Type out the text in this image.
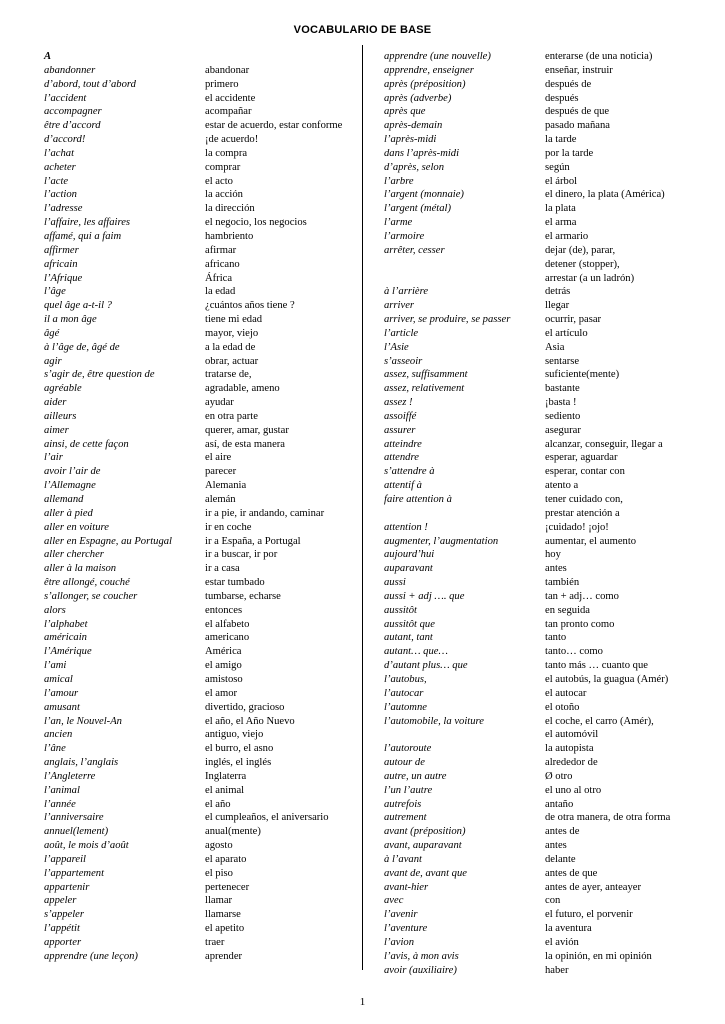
VOCABULARIO DE BASE
A
abandonner	abandonar
d’abord, tout d’abord	primero
l’accident	el accidente
accompagner	acompañar
être d’accord	estar de acuerdo, estar conforme
d’accord!	¡de acuerdo!
l’achat	la compra
acheter	comprar
l’acte	el acto
l’action	la acción
l’adresse	la dirección
l’affaire, les affaires	el negocio, los negocios
affamé, qui a faim	hambriento
affirmer	afirmar
africain	africano
l’Afrique	África
l’âge	la edad
quel âge a-t-il ?	¿cuántos años tiene ?
il a mon âge	tiene mi edad
âgé	mayor, viejo
à l’âge de, âgé de	a la edad de
agir	obrar, actuar
s’agir de, être question de	tratarse de,
agréable	agradable, ameno
aider	ayudar
ailleurs	en otra parte
aimer	querer, amar, gustar
ainsi, de cette façon	así, de esta manera
l’air	el aire
avoir l’air de	parecer
l’Allemagne	Alemania
allemand	alemán
aller à pied	ir a pie, ir andando, caminar
aller en voiture	ir en coche
aller en Espagne, au Portugal	ir a España, a Portugal
aller chercher	ir a buscar, ir por
aller à la maison	ir a casa
être allongé, couché	estar tumbado
s’allonger, se coucher	tumbarse, echarse
alors	entonces
l’alphabet	el alfabeto
américain	americano
l’Amérique	América
l’ami	el amigo
amical	amistoso
l’amour	el amor
amusant	divertido, gracioso
l’an, le Nouvel-An	el año, el Año Nuevo
ancien	antiguo, viejo
l’âne	el burro, el asno
anglais, l’anglais	inglés, el inglés
l’Angleterre	Inglaterra
l’animal	el animal
l’année	el año
l’anniversaire	el cumpleaños, el aniversario
annuel(lement)	anual(mente)
août, le mois d’août	agosto
l’appareil	el aparato
l’appartement	el piso
appartenir	pertenecer
appeler	llamar
s’appeler	llamarse
l’appétit	el apetito
apporter	traer
apprendre (une leçon)	aprender
apprendre (une nouvelle)	enterarse (de una noticia)
apprendre, enseigner	enseñar, instruir
après (préposition)	después de
après (adverbe)	después
après que	después de que
après-demain	pasado mañana
l’après-midi	la tarde
dans l’après-midi	por la tarde
d’après, selon	según
l’arbre	el árbol
l’argent (monnaie)	el dinero, la plata (América)
l’argent (métal)	la plata
l’arme	el arma
l’armoire	el armario
arrêter, cesser	dejar (de), parar,
detener (stopper),
arrestar (a un ladrón)
à l’arrière	detrás
arriver	llegar
arriver, se produire, se passer	ocurrir, pasar
l’article	el artículo
l’Asie	Asia
s’asseoir	sentarse
assez, suffisamment	suficiente(mente)
assez, relativement	bastante
assez !	¡basta !
assoiffé	sediento
assurer	asegurar
atteindre	alcanzar, conseguir, llegar a
attendre	esperar, aguardar
s’attendre à	esperar, contar con
attentif à	atento a
faire attention à	tener cuidado con,
prestar atención a
attention !	¡cuidado! ¡ojo!
augmenter, l’augmentation	aumentar, el aumento
aujourd’hui	hoy
auparavant	antes
aussi	también
aussi + adj …. que	tan + adj… como
aussitôt	en seguida
aussitôt que	tan pronto como
autant, tant	tanto
autant… que…	tanto… como
d’autant plus… que	tanto más … cuanto que
l’autobus,	el autobús, la guagua (Amér)
l’autocar	el autocar
l’automne	el otoño
l’automobile, la voiture	el coche, el carro (Amér),
el automóvil
l’autoroute	la autopista
autour de	alrededor de
autre, un autre	Ø otro
l’un l’autre	el uno al otro
autrefois	antaño
autrement	de otra manera, de otra forma
avant (préposition)	antes de
avant, auparavant	antes
à l’avant	delante
avant de, avant que	antes de que
avant-hier	antes de ayer, anteayer
avec	con
l’avenir	el futuro, el porvenir
l’aventure	la aventura
l’avion	el avión
l’avis, à mon avis	la opinión, en mi opinión
avoir (auxiliaire)	haber
1
